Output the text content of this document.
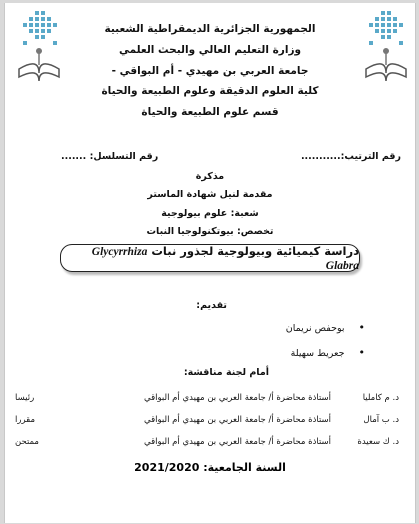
الجمهورية الجزائرية الديمقراطية الشعبية
وزارة التعليم العالي والبحث العلمي
جامعة العربي بن مهيدي - أم البواقي -
كلية العلوم الدقيقة وعلوم الطبيعة والحياة
قسم علوم الطبيعة والحياة
رقم الترتيب:...........
رقم التسلسل: .......
مذكرة
مقدمة لنيل شهادة الماستر
شعبة: علوم بيولوجية
تخصص: بيوتكنولوجيا النبات
دراسة كيميائية وبيولوجية لجذور نبات Glycyrrhiza Glabra
تقديم:
• بوحفص نريمان
• جعريط سهيلة
أمام لجنة مناقشة:
د. م كامليا
أستاذة محاضرة أ/ جامعة العربي بن مهيدي أم البواقي
رئيسا
د. ب آمال
أستاذة محاضرة أ/ جامعة العربي بن مهيدي أم البواقي
مقررا
د. ك سعيدة
أستاذة محاضرة أ/ جامعة العربي بن مهيدي أم البواقي
ممتحن
السنة الجامعية: 2021/2020
